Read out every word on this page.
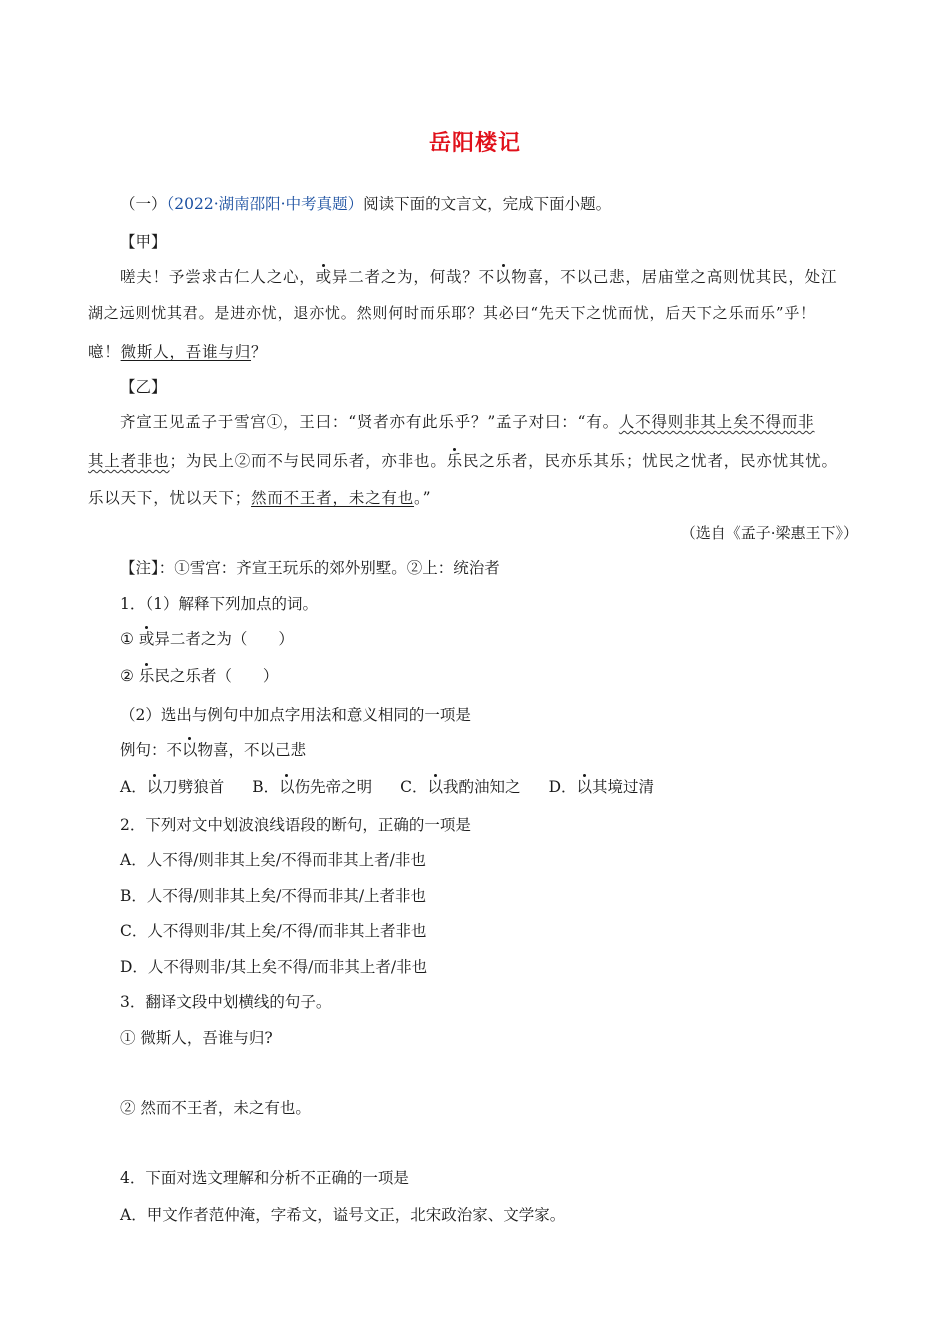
岳阳楼记
（一）（2022·湖南邵阳·中考真题）阅读下面的文言文，完成下面小题。
【甲】
嗟夫！予尝求古仁人之心，或异二者之为，何哉？不以物喜，不以己悲，居庙堂之高则忧其民，处江
湖之远则忧其君。是进亦忧，退亦忧。然则何时而乐耶？其必曰“先天下之忧而忧，后天下之乐而乐”乎！
噫！微斯人，吾谁与归？
【乙】
齐宣王见孟子于雪宫①，王曰：“贤者亦有此乐乎？”孟子对曰：“有。人不得则非其上矣不得而非
其上者非也；为民上②而不与民同乐者，亦非也。乐民之乐者，民亦乐其乐；忧民之忧者，民亦忧其忧。
乐以天下，忧以天下；然而不王者，未之有也。”
（选自《孟子·梁惠王下》）
【注】：①雪宫：齐宣王玩乐的郊外别墅。②上：统治者
1．（1）解释下列加点的词。
① 或异二者之为（　　）
② 乐民之乐者（　　）
（2）选出与例句中加点字用法和意义相同的一项是
例句：不以物喜，不以己悲
A．以刀劈狼首 B．以伤先帝之明 C．以我酌油知之 D．以其境过清
2．下列对文中划波浪线语段的断句，正确的一项是
A．人不得/则非其上矣/不得而非其上者/非也
B．人不得/则非其上矣/不得而非其/上者非也
C．人不得则非/其上矣/不得/而非其上者非也
D．人不得则非/其上矣不得/而非其上者/非也
3．翻译文段中划横线的句子。
① 微斯人，吾谁与归?
② 然而不王者，未之有也。
4．下面对选文理解和分析不正确的一项是
A．甲文作者范仲淹，字希文，谥号文正，北宋政治家、文学家。
